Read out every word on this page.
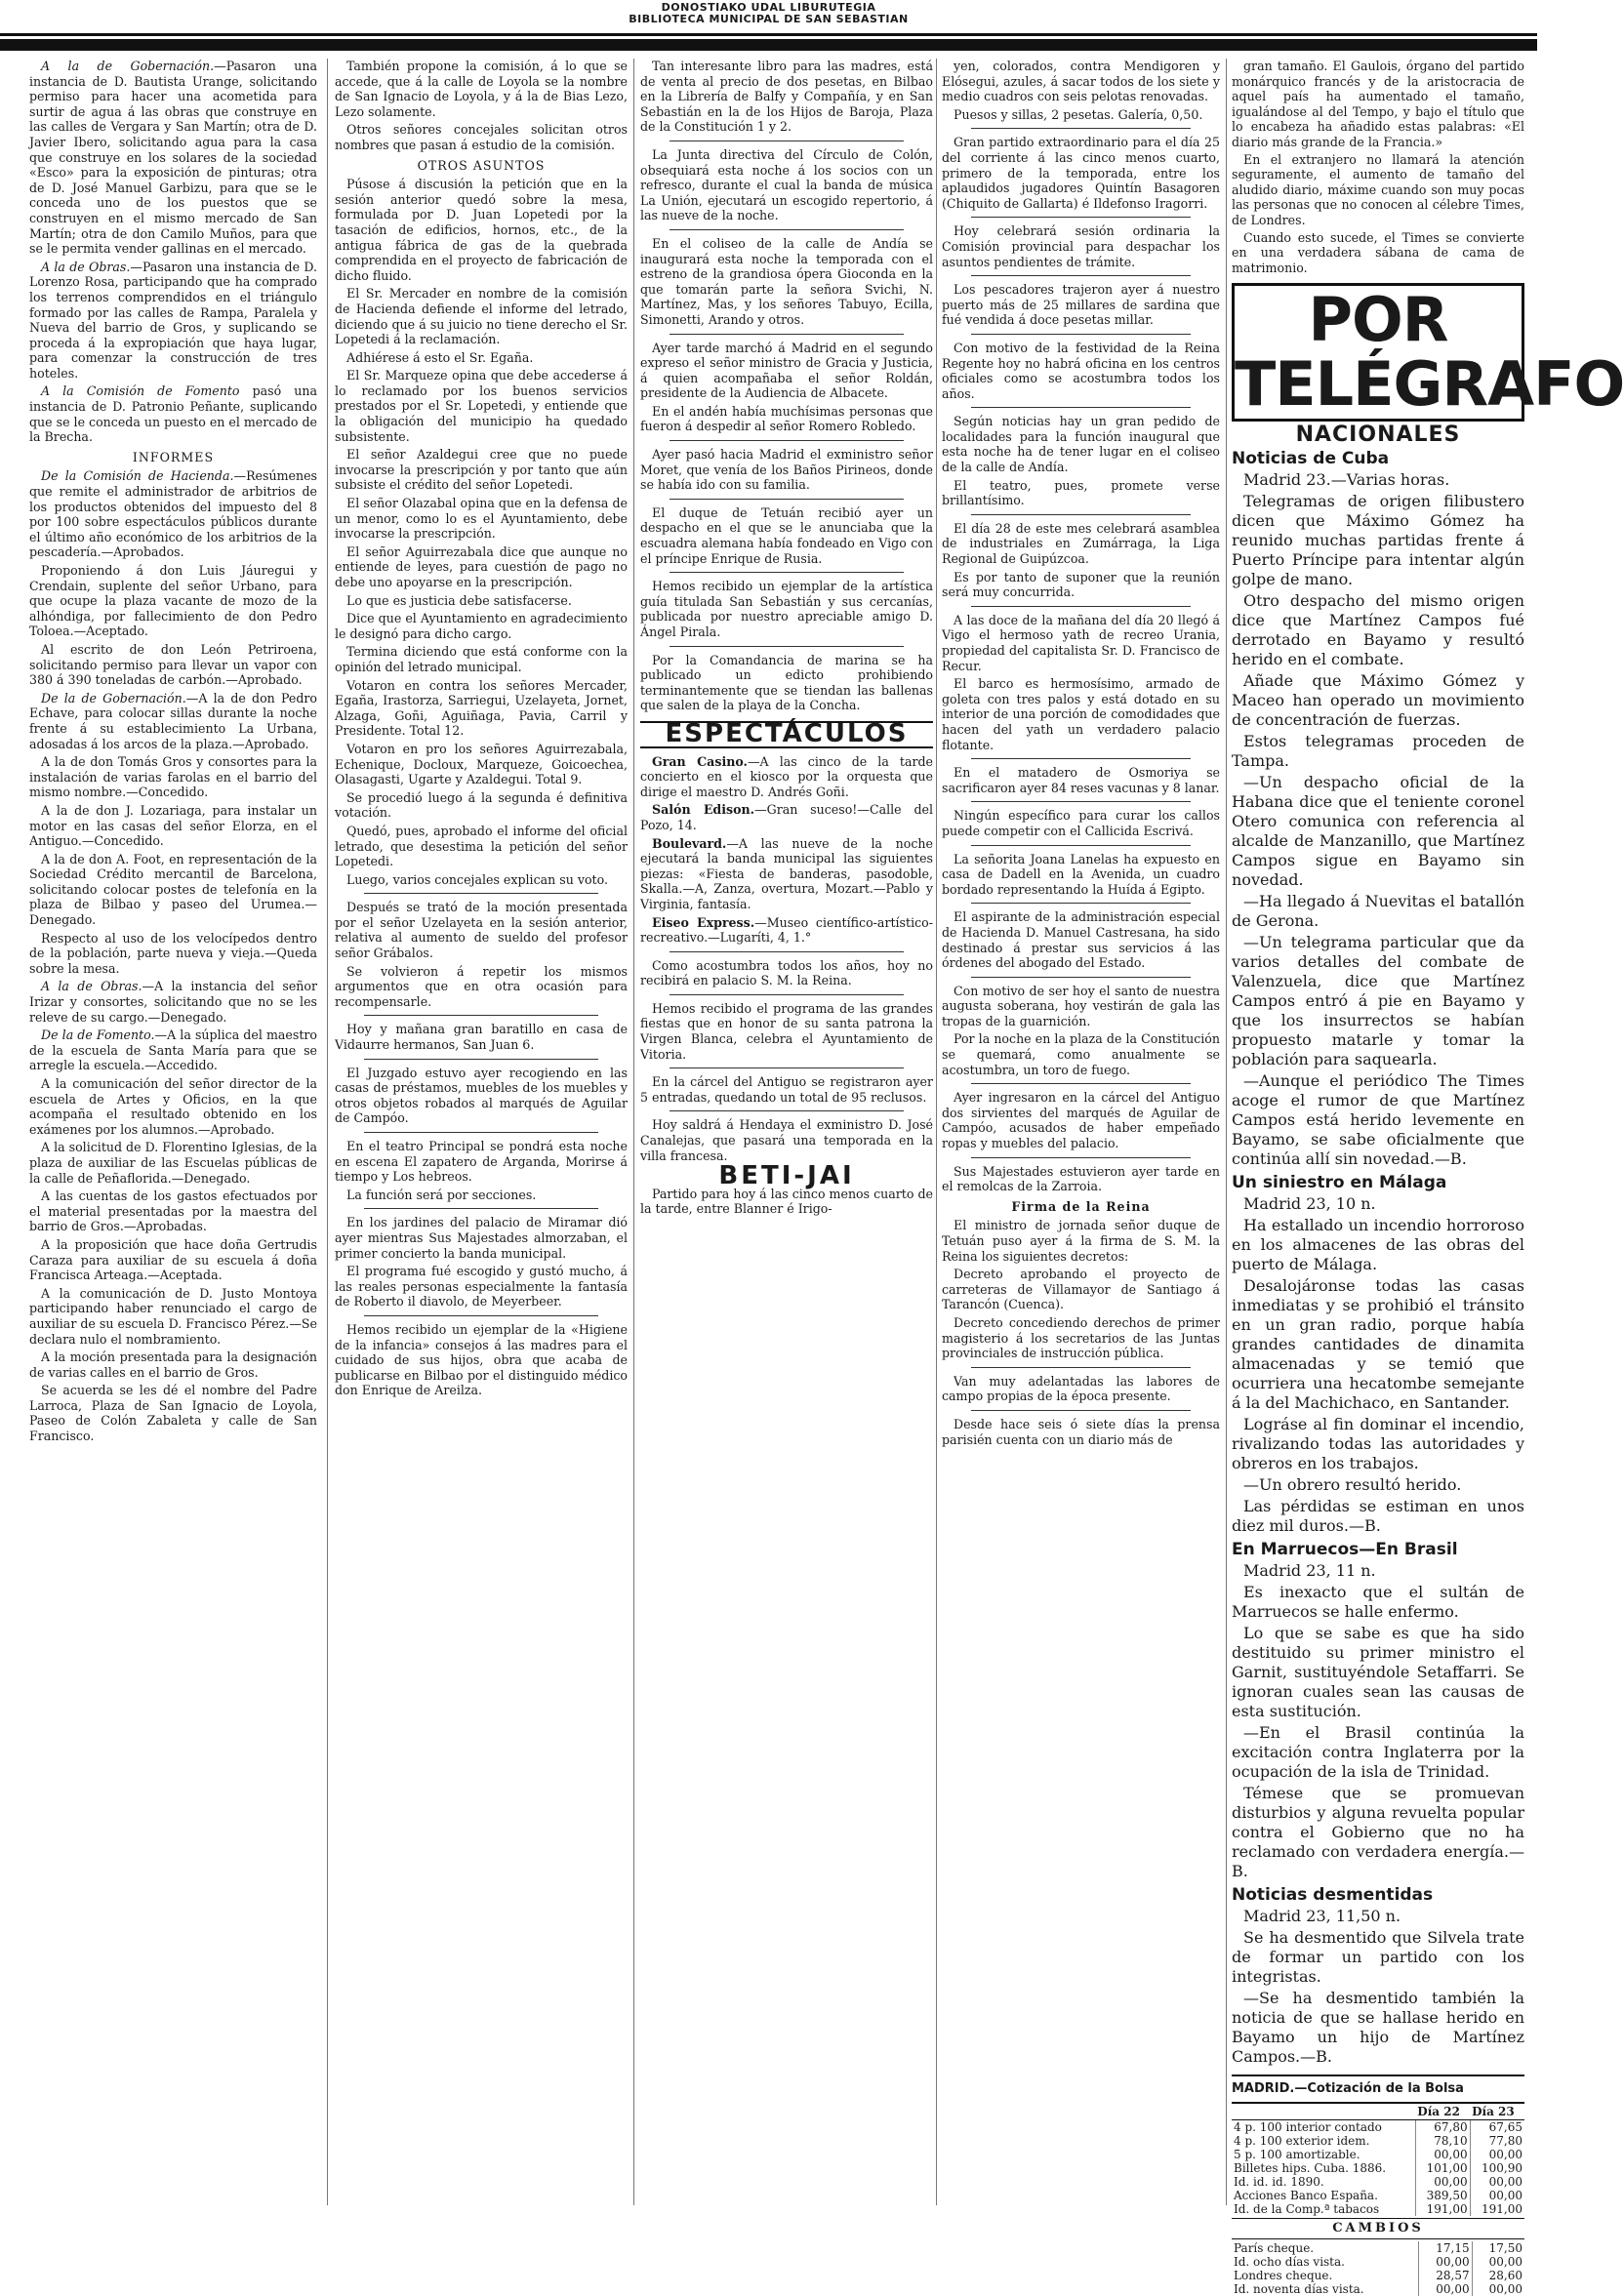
DONOSTIAKO UDAL LIBURUTEGIA
BIBLIOTECA MUNICIPAL DE SAN SEBASTIAN

A la de Gobernación.—Pasaron una instancia de D. Bautista Urange, solicitando permiso para hacer una acometida para surtir de agua á las obras que construye en las calles de Vergara y San Martín; otra de D. Javier Ibero, solicitando agua para la casa que construye en los solares de la sociedad «Esco» para la exposición de pinturas; otra de D. José Manuel Garbizu, para que se le conceda uno de los puestos que se construyen en el mismo mercado de San Martín; otra de don Camilo Muños, para que se le permita vender gallinas en el mercado.

A la de Obras.—Pasaron una instancia de D. Lorenzo Rosa, participando que ha comprado los terrenos comprendidos en el triángulo formado por las calles de Rampa, Paralela y Nueva del barrio de Gros, y suplicando se proceda á la expropiación que haya lugar, para comenzar la construcción de tres hoteles.

A la Comisión de Fomento pasó una instancia de D. Patronio Peñante, suplicando que se le conceda un puesto en el mercado de la Brecha.

INFORMES

De la Comisión de Hacienda.—Resúmenes que remite el administrador de arbitrios de los productos obtenidos del impuesto del 8 por 100 sobre espectáculos públicos durante el último año económico de los arbitrios de la pescadería.—Aprobados.

Proponiendo á don Luis Jáuregui y Crendain, suplente del señor Urbano, para que ocupe la plaza vacante de mozo de la alhóndiga, por fallecimiento de don Pedro Toloea.—Aceptado.

Al escrito de don León Petriroena, solicitando permiso para llevar un vapor con 380 á 390 toneladas de carbón.—Aprobado.

De la de Gobernación.—A la de don Pedro Echave, para colocar sillas durante la noche frente á su establecimiento La Urbana, adosadas á los arcos de la plaza.—Aprobado.

A la de don Tomás Gros y consortes para la instalación de varias farolas en el barrio del mismo nombre.—Concedido.

A la de don J. Lozariaga, para instalar un motor en las casas del señor Elorza, en el Antiguo.—Concedido.

A la de don A. Foot, en representación de la Sociedad Crédito mercantil de Barcelona, solicitando colocar postes de telefonía en la plaza de Bilbao y paseo del Urumea.—Denegado.

Respecto al uso de los velocípedos dentro de la población, parte nueva y vieja.—Queda sobre la mesa.

A la de Obras.—A la instancia del señor Irizar y consortes, solicitando que no se les releve de su cargo.—Denegado.

De la de Fomento.—A la súplica del maestro de la escuela de Santa María para que se arregle la escuela.—Accedido.

A la comunicación del señor director de la escuela de Artes y Oficios, en la que acompaña el resultado obtenido en los exámenes por los alumnos.—Aprobado.

A la solicitud de D. Florentino Iglesias, de la plaza de auxiliar de las Escuelas públicas de la calle de Peñaflorida.—Denegado.

A las cuentas de los gastos efectuados por el material presentadas por la maestra del barrio de Gros.—Aprobadas.

A la proposición que hace doña Gertrudis Caraza para auxiliar de su escuela á doña Francisca Arteaga.—Aceptada.

A la comunicación de D. Justo Montoya participando haber renunciado el cargo de auxiliar de su escuela D. Francisco Pérez.—Se declara nulo el nombramiento.

A la moción presentada para la designación de varias calles en el barrio de Gros.

Se acuerda se les dé el nombre del Padre Larroca, Plaza de San Ignacio de Loyola, Paseo de Colón Zabaleta y calle de San Francisco.

También propone la comisión, á lo que se accede, que á la calle de Loyola se la nombre de San Ignacio de Loyola, y á la de Bias Lezo, Lezo solamente.

Otros señores concejales solicitan otros nombres que pasan á estudio de la comisión.

OTROS ASUNTOS

Púsose á discusión la petición que en la sesión anterior quedó sobre la mesa, formulada por D. Juan Lopetedi por la tasación de edificios, hornos, etc., de la antigua fábrica de gas de la quebrada comprendida en el proyecto de fabricación de dicho fluido.

El Sr. Mercader en nombre de la comisión de Hacienda defiende el informe del letrado, diciendo que á su juicio no tiene derecho el Sr. Lopetedi á la reclamación.

Adhiérese á esto el Sr. Egaña.

El Sr. Marqueze opina que debe accederse á lo reclamado por los buenos servicios prestados por el Sr. Lopetedi, y entiende que la obligación del municipio ha quedado subsistente.

El señor Azaldegui cree que no puede invocarse la prescripción y por tanto que aún subsiste el crédito del señor Lopetedi.

El señor Olazabal opina que en la defensa de un menor, como lo es el Ayuntamiento, debe invocarse la prescripción.

El señor Aguirrezabala dice que aunque no entiende de leyes, para cuestión de pago no debe uno apoyarse en la prescripción.

Lo que es justicia debe satisfacerse.

Dice que el Ayuntamiento en agradecimiento le designó para dicho cargo.

Termina diciendo que está conforme con la opinión del letrado municipal.

Votaron en contra los señores Mercader, Egaña, Irastorza, Sarriegui, Uzelayeta, Jornet, Alzaga, Goñi, Aguiñaga, Pavia, Carril y Presidente. Total 12.

Votaron en pro los señores Aguirrezabala, Echenique, Docloux, Marqueze, Goicoechea, Olasagasti, Ugarte y Azaldegui. Total 9.

Se procedió luego á la segunda é definitiva votación.

Quedó, pues, aprobado el informe del oficial letrado, que desestima la petición del señor Lopetedi.

Luego, varios concejales explican su voto.

Después se trató de la moción presentada por el señor Uzelayeta en la sesión anterior, relativa al aumento de sueldo del profesor señor Grábalos.

Se volvieron á repetir los mismos argumentos que en otra ocasión para recompensarle.

Hoy y mañana gran baratillo en casa de Vidaurre hermanos, San Juan 6.

El Juzgado estuvo ayer recogiendo en las casas de préstamos, muebles de los muebles y otros objetos robados al marqués de Aguilar de Campóo.

En el teatro Principal se pondrá esta noche en escena El zapatero de Arganda, Morirse á tiempo y Los hebreos.

La función será por secciones.

En los jardines del palacio de Miramar dió ayer mientras Sus Majestades almorzaban, el primer concierto la banda municipal.

El programa fué escogido y gustó mucho, á las reales personas especialmente la fantasía de Roberto il diavolo, de Meyerbeer.

Hemos recibido un ejemplar de la «Higiene de la infancia» consejos á las madres para el cuidado de sus hijos, obra que acaba de publicarse en Bilbao por el distinguido médico don Enrique de Areilza.

Tan interesante libro para las madres, está de venta al precio de dos pesetas, en Bilbao en la Librería de Balfy y Compañía, y en San Sebastián en la de los Hijos de Baroja, Plaza de la Constitución 1 y 2.

La Junta directiva del Círculo de Colón, obsequiará esta noche á los socios con un refresco, durante el cual la banda de música La Unión, ejecutará un escogido repertorio, á las nueve de la noche.

En el coliseo de la calle de Andía se inaugurará esta noche la temporada con el estreno de la grandiosa ópera Gioconda en la que tomarán parte la señora Svichi, N. Martínez, Mas, y los señores Tabuyo, Ecilla, Simonetti, Arando y otros.

Ayer tarde marchó á Madrid en el segundo expreso el señor ministro de Gracia y Justicia, á quien acompañaba el señor Roldán, presidente de la Audiencia de Albacete.

En el andén había muchísimas personas que fueron á despedir al señor Romero Robledo.

Ayer pasó hacia Madrid el exministro señor Moret, que venía de los Baños Pirineos, donde se había ido con su familia.

El duque de Tetuán recibió ayer un despacho en el que se le anunciaba que la escuadra alemana había fondeado en Vigo con el príncipe Enrique de Rusia.

Hemos recibido un ejemplar de la artística guía titulada San Sebastián y sus cercanías, publicada por nuestro apreciable amigo D. Ángel Pirala.

Por la Comandancia de marina se ha publicado un edicto prohibiendo terminantemente que se tiendan las ballenas que salen de la playa de la Concha.

ESPECTÁCULOS

Gran Casino.—A las cinco de la tarde concierto en el kiosco por la orquesta que dirige el maestro D. Andrés Goñi.

Salón Edison.—Gran suceso!—Calle del Pozo, 14.

Boulevard.—A las nueve de la noche ejecutará la banda municipal las siguientes piezas: «Fiesta de banderas, pasodoble, Skalla.—A, Zanza, overtura, Mozart.—Pablo y Virginia, fantasía.

Eiseo Express.—Museo científico-artístico-recreativo.—Lugaríti, 4, 1.°

Como acostumbra todos los años, hoy no recibirá en palacio S. M. la Reina.

Hemos recibido el programa de las grandes fiestas que en honor de su santa patrona la Virgen Blanca, celebra el Ayuntamiento de Vitoria.

En la cárcel del Antiguo se registraron ayer 5 entradas, quedando un total de 95 reclusos.

Hoy saldrá á Hendaya el exministro D. José Canalejas, que pasará una temporada en la villa francesa.

BETI-JAI

Partido para hoy á las cinco menos cuarto de la tarde, entre Blanner é Irigo-

yen, colorados, contra Mendigoren y Elósegui, azules, á sacar todos de los siete y medio cuadros con seis pelotas renovadas.

Puesos y sillas, 2 pesetas. Galería, 0,50.

Gran partido extraordinario para el día 25 del corriente á las cinco menos cuarto, primero de la temporada, entre los aplaudidos jugadores Quintín Basagoren (Chiquito de Gallarta) é Ildefonso Iragorri.

Hoy celebrará sesión ordinaria la Comisión provincial para despachar los asuntos pendientes de trámite.

Los pescadores trajeron ayer á nuestro puerto más de 25 millares de sardina que fué vendida á doce pesetas millar.

Con motivo de la festividad de la Reina Regente hoy no habrá oficina en los centros oficiales como se acostumbra todos los años.

Según noticias hay un gran pedido de localidades para la función inaugural que esta noche ha de tener lugar en el coliseo de la calle de Andía.

El teatro, pues, promete verse brillantísimo.

El día 28 de este mes celebrará asamblea de industriales en Zumárraga, la Liga Regional de Guipúzcoa.

Es por tanto de suponer que la reunión será muy concurrida.

A las doce de la mañana del día 20 llegó á Vigo el hermoso yath de recreo Urania, propiedad del capitalista Sr. D. Francisco de Recur.

El barco es hermosísimo, armado de goleta con tres palos y está dotado en su interior de una porción de comodidades que hacen del yath un verdadero palacio flotante.

En el matadero de Osmoriya se sacrificaron ayer 84 reses vacunas y 8 lanar.

Ningún específico para curar los callos puede competir con el Callicida Escrivá.

La señorita Joana Lanelas ha expuesto en casa de Dadell en la Avenida, un cuadro bordado representando la Huída á Egipto.

El aspirante de la administración especial de Hacienda D. Manuel Castresana, ha sido destinado á prestar sus servicios á las órdenes del abogado del Estado.

Con motivo de ser hoy el santo de nuestra augusta soberana, hoy vestirán de gala las tropas de la guarnición.

Por la noche en la plaza de la Constitución se quemará, como anualmente se acostumbra, un toro de fuego.

Ayer ingresaron en la cárcel del Antiguo dos sirvientes del marqués de Aguilar de Campóo, acusados de haber empeñado ropas y muebles del palacio.

Sus Majestades estuvieron ayer tarde en el remolcas de la Zarroia.

Firma de la Reina

El ministro de jornada señor duque de Tetuán puso ayer á la firma de S. M. la Reina los siguientes decretos:

Decreto aprobando el proyecto de carreteras de Villamayor de Santiago á Tarancón (Cuenca).

Decreto concediendo derechos de primer magisterio á los secretarios de las Juntas provinciales de instrucción pública.

Van muy adelantadas las labores de campo propias de la época presente.

Desde hace seis ó siete días la prensa parisién cuenta con un diario más de

gran tamaño. El Gaulois, órgano del partido monárquico francés y de la aristocracia de aquel país ha aumentado el tamaño, igualándose al del Tempo, y bajo el título que lo encabeza ha añadido estas palabras: «El diario más grande de la Francia.»

En el extranjero no llamará la atención seguramente, el aumento de tamaño del aludido diario, máxime cuando son muy pocas las personas que no conocen al célebre Times, de Londres.

Cuando esto sucede, el Times se convierte en una verdadera sábana de cama de matrimonio.

POR TELÉGRAFO
NACIONALES
Noticias de Cuba

Madrid 23.—Varias horas.

Telegramas de origen filibustero dicen que Máximo Gómez ha reunido muchas partidas frente á Puerto Príncipe para intentar algún golpe de mano.

Otro despacho del mismo origen dice que Martínez Campos fué derrotado en Bayamo y resultó herido en el combate.

Añade que Máximo Gómez y Maceo han operado un movimiento de concentración de fuerzas.

Estos telegramas proceden de Tampa.

—Un despacho oficial de la Habana dice que el teniente coronel Otero comunica con referencia al alcalde de Manzanillo, que Martínez Campos sigue en Bayamo sin novedad.

—Ha llegado á Nuevitas el batallón de Gerona.

—Un telegrama particular que da varios detalles del combate de Valenzuela, dice que Martínez Campos entró á pie en Bayamo y que los insurrectos se habían propuesto matarle y tomar la población para saquearla.

—Aunque el periódico The Times acoge el rumor de que Martínez Campos está herido levemente en Bayamo, se sabe oficialmente que continúa allí sin novedad.—B.

Un siniestro en Málaga

Madrid 23, 10 n.

Ha estallado un incendio horroroso en los almacenes de las obras del puerto de Málaga.

Desalojáronse todas las casas inmediatas y se prohibió el tránsito en un gran radio, porque había grandes cantidades de dinamita almacenadas y se temió que ocurriera una hecatombe semejante á la del Machichaco, en Santander.

Lográse al fin dominar el incendio, rivalizando todas las autoridades y obreros en los trabajos.

—Un obrero resultó herido.

Las pérdidas se estiman en unos diez mil duros.—B.

En Marruecos—En Brasil

Madrid 23, 11 n.

Es inexacto que el sultán de Marruecos se halle enfermo.

Lo que se sabe es que ha sido destituido su primer ministro el Garnit, sustituyéndole Setaffarri. Se ignoran cuales sean las causas de esta sustitución.

—En el Brasil continúa la excitación contra Inglaterra por la ocupación de la isla de Trinidad.

Témese que se promuevan disturbios y alguna revuelta popular contra el Gobierno que no ha reclamado con verdadera energía.—B.

Noticias desmentidas

Madrid 23, 11,50 n.

Se ha desmentido que Silvela trate de formar un partido con los integristas.

—Se ha desmentido también la noticia de que se hallase herido en Bayamo un hijo de Martínez Campos.—B.

MADRID.—Cotización de la Bolsa
	Día 22	Día 23
4 p. 100 interior contado	67,80	67,65
4 p. 100 exterior idem.	78,10	77,80
5 p. 100 amortizable.	00,00	00,00
Billetes hips. Cuba. 1886.	101,00	100,90
Id. id. id. 1890.	00,00	00,00
Acciones Banco España.	389,50	00,00
Id. de la Comp.ª tabacos	191,00	191,00
CAMBIOS
París cheque.	17,15	17,50
Id. ocho días vista.	00,00	00,00
Londres cheque.	28,57	28,60
Id. noventa días vista.	00,00	00,00
